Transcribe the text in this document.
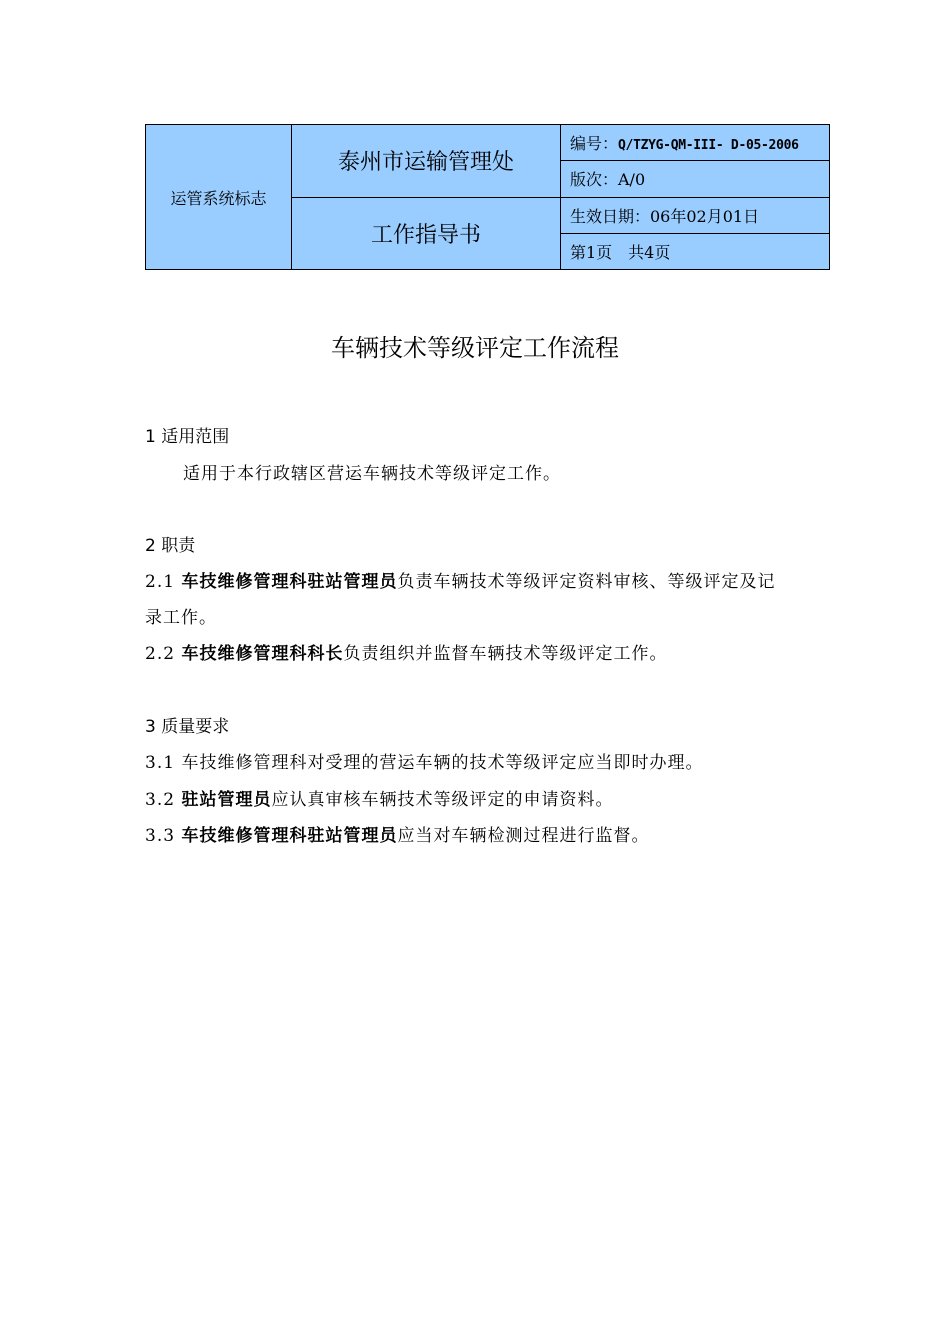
运管系统标志	泰州市运输管理处	编号：Q/TZYG-QM-III- D-05-2006
		版次：A/0
	工作指导书	生效日期：06年02月01日
		第1页　共4页
车辆技术等级评定工作流程
1 适用范围
适用于本行政辖区营运车辆技术等级评定工作。
2 职责
2.1 车技维修管理科驻站管理员负责车辆技术等级评定资料审核、等级评定及记
录工作。
2.2 车技维修管理科科长负责组织并监督车辆技术等级评定工作。
3 质量要求
3.1 车技维修管理科对受理的营运车辆的技术等级评定应当即时办理。
3.2 驻站管理员应认真审核车辆技术等级评定的申请资料。
3.3 车技维修管理科驻站管理员应当对车辆检测过程进行监督。
